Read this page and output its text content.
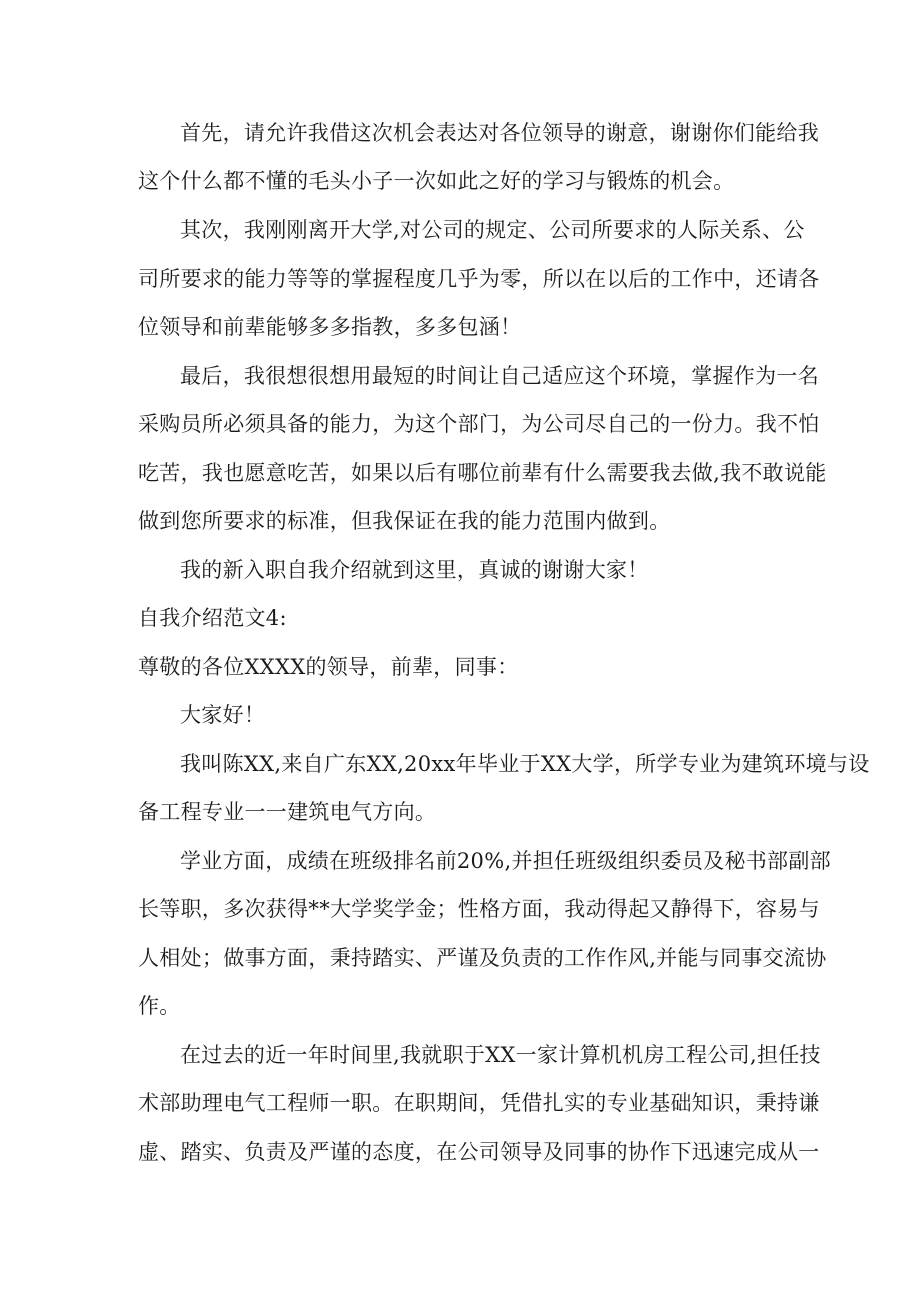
首先，请允许我借这次机会表达对各位领导的谢意，谢谢你们能给我
这个什么都不懂的毛头小子一次如此之好的学习与锻炼的机会。
其次，我刚刚离开大学,对公司的规定、公司所要求的人际关系、公
司所要求的能力等等的掌握程度几乎为零，所以在以后的工作中，还请各
位领导和前辈能够多多指教，多多包涵！
最后，我很想很想用最短的时间让自己适应这个环境，掌握作为一名
采购员所必须具备的能力，为这个部门，为公司尽自己的一份力。我不怕
吃苦，我也愿意吃苦，如果以后有哪位前辈有什么需要我去做,我不敢说能
做到您所要求的标准，但我保证在我的能力范围内做到。
我的新入职自我介绍就到这里，真诚的谢谢大家！
自我介绍范文4:
尊敬的各位XXXX的领导，前辈，同事：
大家好！
我叫陈XX,来自广东XX,20xx年毕业于XX大学，所学专业为建筑环境与设
备工程专业一一建筑电气方向。
学业方面，成绩在班级排名前20%,并担任班级组织委员及秘书部副部
长等职，多次获得**大学奖学金；性格方面，我动得起又静得下，容易与
人相处；做事方面，秉持踏实、严谨及负责的工作作风,并能与同事交流协
作。
在过去的近一年时间里,我就职于XX一家计算机机房工程公司,担任技
术部助理电气工程师一职。在职期间，凭借扎实的专业基础知识，秉持谦
虚、踏实、负责及严谨的态度，在公司领导及同事的协作下迅速完成从一
